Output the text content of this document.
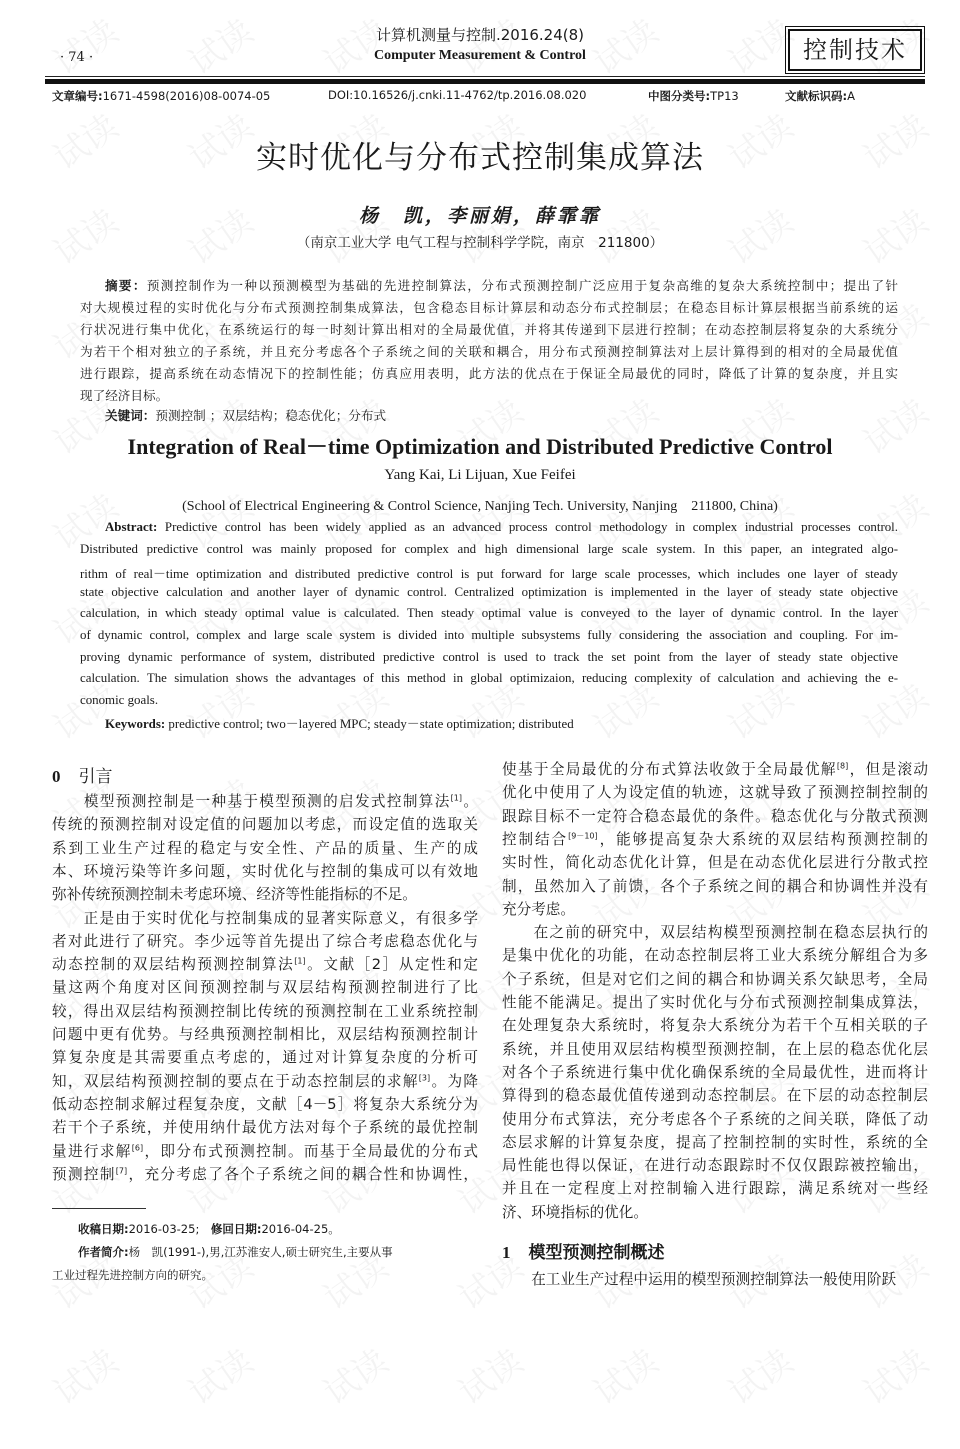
· 74 ·
计算机测量与控制.2016.24(8)
Computer Measurement & Control	控制技术
文章编号:1671-4598(2016)08-0074-05	DOI:10.16526/j.cnki.11-4762/tp.2016.08.020	中图分类号:TP13	文献标识码:A
实时优化与分布式控制集成算法
杨　凯，李丽娟，薛霏霏
（南京工业大学 电气工程与控制科学学院，南京　211800）
摘要：预测控制作为一种以预测模型为基础的先进控制算法，分布式预测控制广泛应用于复杂高维的复杂大系统控制中；提出了针
对大规模过程的实时优化与分布式预测控制集成算法，包含稳态目标计算层和动态分布式控制层；在稳态目标计算层根据当前系统的运
行状况进行集中优化，在系统运行的每一时刻计算出相对的全局最优值，并将其传递到下层进行控制；在动态控制层将复杂的大系统分
为若干个相对独立的子系统，并且充分考虑各个子系统之间的关联和耦合，用分布式预测控制算法对上层计算得到的相对的全局最优值
进行跟踪，提高系统在动态情况下的控制性能；仿真应用表明，此方法的优点在于保证全局最优的同时，降低了计算的复杂度，并且实
现了经济目标。
关键词：预测控制 ；双层结构；稳态优化；分布式
Integration of Real－time Optimization and Distributed Predictive Control
Yang Kai, Li Lijuan, Xue Feifei
(School of Electrical Engineering & Control Science, Nanjing Tech. University, Nanjing　211800, China)
Abstract: Predictive control has been widely applied as an advanced process control methodology in complex industrial processes control.
Distributed predictive control was mainly proposed for complex and high dimensional large scale system. In this paper, an integrated algo-
rithm of real－time optimization and distributed predictive control is put forward for large scale processes, which includes one layer of steady
state objective calculation and another layer of dynamic control. Centralized optimization is implemented in the layer of steady state objective
calculation, in which steady optimal value is calculated. Then steady optimal value is conveyed to the layer of dynamic control. In the layer
of dynamic control, complex and large scale system is divided into multiple subsystems fully considering the association and coupling. For im-
proving dynamic performance of system, distributed predictive control is used to track the set point from the layer of steady state objective
calculation. The simulation shows the advantages of this method in global optimizaion, reducing complexity of calculation and achieving the e-
conomic goals.
Keywords: predictive control; two－layered MPC; steady－state optimization; distributed
0 引言
　　模型预测控制是一种基于模型预测的启发式控制算法[1]。
传统的预测控制对设定值的问题加以考虑，而设定值的选取关
系到工业生产过程的稳定与安全性、产品的质量、生产的成
本、环境污染等许多问题，实时优化与控制的集成可以有效地
弥补传统预测控制未考虑环境、经济等性能指标的不足。
　　正是由于实时优化与控制集成的显著实际意义，有很多学
者对此进行了研究。李少远等首先提出了综合考虑稳态优化与
动态控制的双层结构预测控制算法[1]。文献［2］从定性和定
量这两个角度对区间预测控制与双层结构预测控制进行了比
较，得出双层结构预测控制比传统的预测控制在工业系统控制
问题中更有优势。与经典预测控制相比，双层结构预测控制计
算复杂度是其需要重点考虑的，通过对计算复杂度的分析可
知，双层结构预测控制的要点在于动态控制层的求解[3]。为降
低动态控制求解过程复杂度，文献［4－5］将复杂大系统分为
若干个子系统，并使用纳什最优方法对每个子系统的最优控制
量进行求解[6]，即分布式预测控制。而基于全局最优的分布式
预测控制[7]，充分考虑了各个子系统之间的耦合性和协调性，
使基于全局最优的分布式算法收敛于全局最优解[8]，但是滚动
优化中使用了人为设定值的轨迹，这就导致了预测控制控制的
跟踪目标不一定符合稳态最优的条件。稳态优化与分散式预测
控制结合[9－10]，能够提高复杂大系统的双层结构预测控制的
实时性，简化动态优化计算，但是在动态优化层进行分散式控
制，虽然加入了前馈，各个子系统之间的耦合和协调性并没有
充分考虑。
　　在之前的研究中，双层结构模型预测控制在稳态层执行的
是集中优化的功能，在动态控制层将工业大系统分解组合为多
个子系统，但是对它们之间的耦合和协调关系欠缺思考，全局
性能不能满足。提出了实时优化与分布式预测控制集成算法，
在处理复杂大系统时，将复杂大系统分为若干个互相关联的子
系统，并且使用双层结构模型预测控制，在上层的稳态优化层
对各个子系统进行集中优化确保系统的全局最优性，进而将计
算得到的稳态最优值传递到动态控制层。在下层的动态控制层
使用分布式算法，充分考虑各个子系统的之间关联，降低了动
态层求解的计算复杂度，提高了控制控制的实时性，系统的全
局性能也得以保证，在进行动态跟踪时不仅仅跟踪被控输出，
并且在一定程度上对控制输入进行跟踪，满足系统对一些经
济、环境指标的优化。
1 模型预测控制概述
　　在工业生产过程中运用的模型预测控制算法一般使用阶跃
收稿日期:2016-03-25;　 修回日期:2016-04-25。
作者简介:杨　凯(1991-),男,江苏淮安人,硕士研究生,主要从事
工业过程先进控制方向的研究。
